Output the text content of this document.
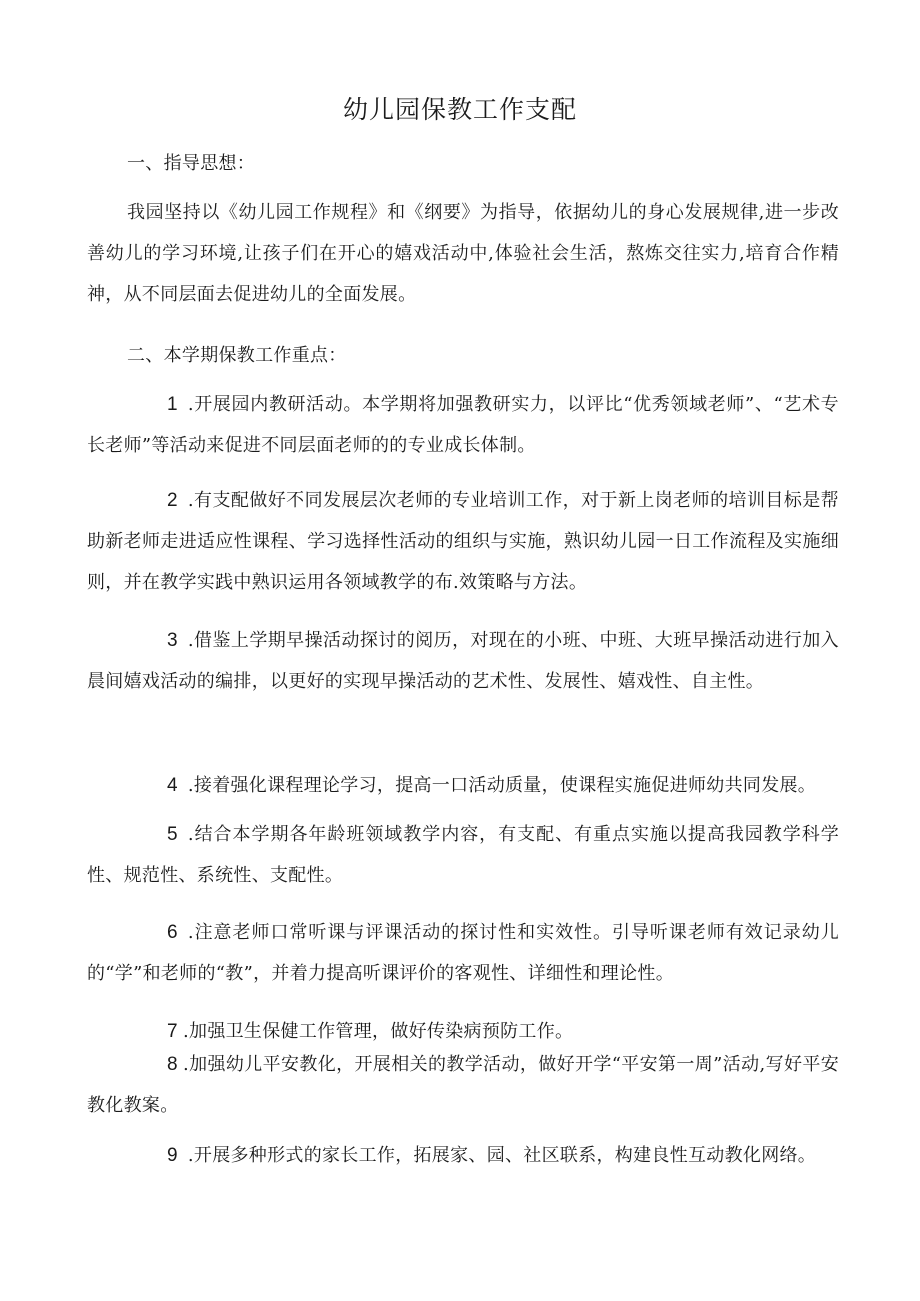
幼儿园保教工作支配

一、指导思想：

我园坚持以《幼儿园工作规程》和《纲要》为指导，依据幼儿的身心发展规律,进一步改善幼儿的学习环境,让孩子们在开心的嬉戏活动中,体验社会生活，熬炼交往实力,培育合作精神，从不同层面去促进幼儿的全面发展。

二、本学期保教工作重点：

1 .开展园内教研活动。本学期将加强教研实力，以评比“优秀领域老师”、“艺术专长老师”等活动来促进不同层面老师的的专业成长体制。

2 .有支配做好不同发展层次老师的专业培训工作，对于新上岗老师的培训目标是帮助新老师走进适应性课程、学习选择性活动的组织与实施，熟识幼儿园一日工作流程及实施细则，并在教学实践中熟识运用各领域教学的布.效策略与方法。

3 .借鉴上学期早操活动探讨的阅历，对现在的小班、中班、大班早操活动进行加入晨间嬉戏活动的编排，以更好的实现早操活动的艺术性、发展性、嬉戏性、自主性。

4 .接着强化课程理论学习，提高一口活动质量，使课程实施促进师幼共同发展。

5 .结合本学期各年龄班领域教学内容，有支配、有重点实施以提高我园教学科学性、规范性、系统性、支配性。

6 .注意老师口常听课与评课活动的探讨性和实效性。引导听课老师有效记录幼儿的“学”和老师的“教”，并着力提高听课评价的客观性、详细性和理论性。

7 .加强卫生保健工作管理，做好传染病预防工作。

8 .加强幼儿平安教化，开展相关的教学活动，做好开学“平安第一周”活动,写好平安教化教案。

9 .开展多种形式的家长工作，拓展家、园、社区联系，构建良性互动教化网络。
